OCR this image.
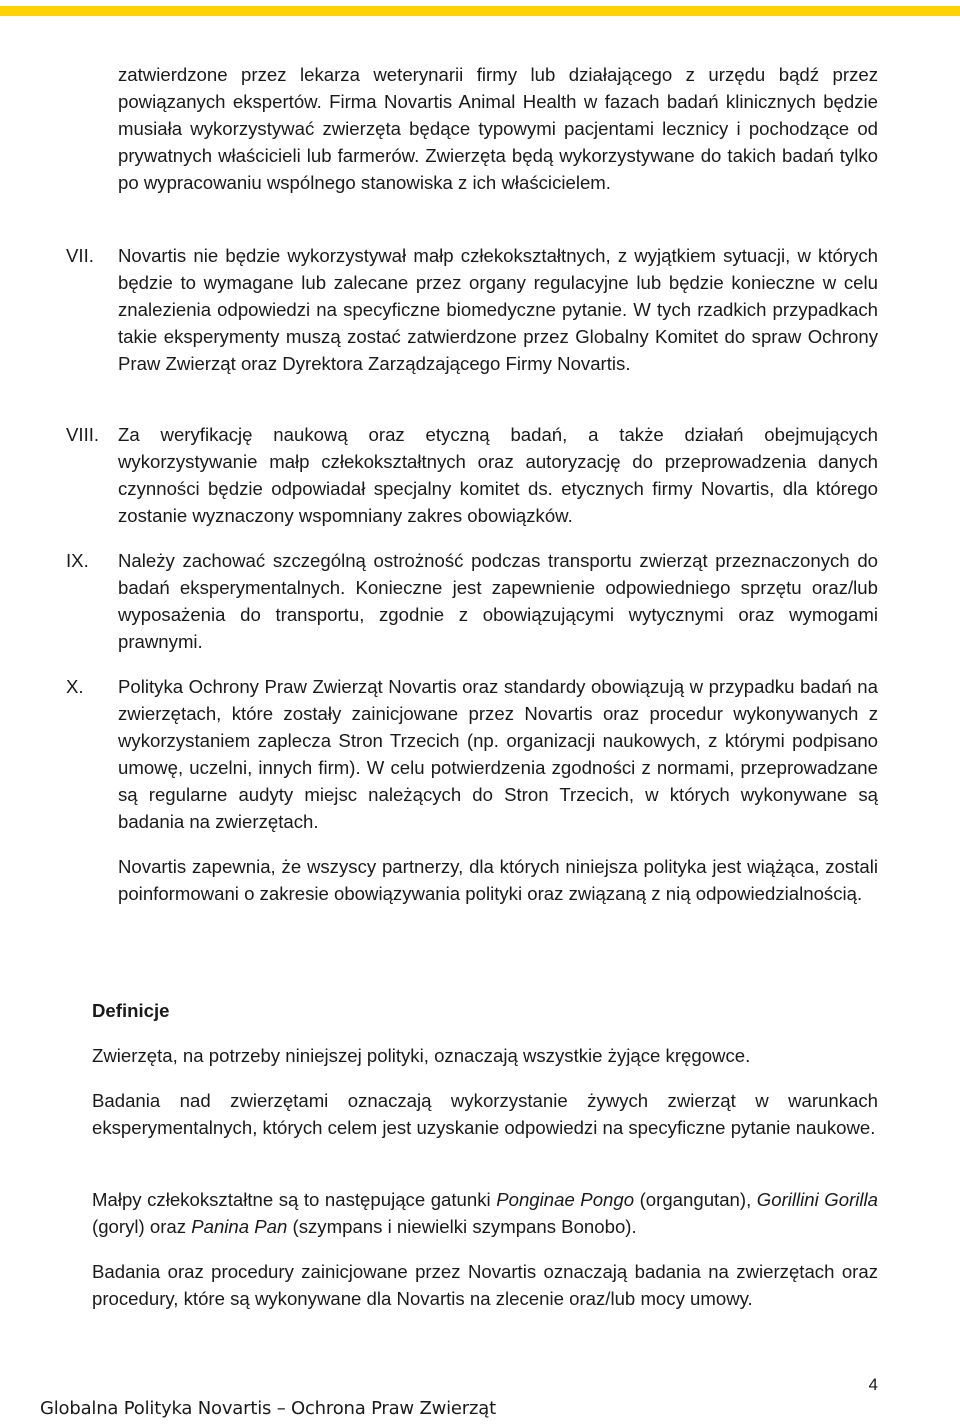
zatwierdzone przez lekarza weterynarii firmy lub działającego z urzędu bądź przez powiązanych ekspertów. Firma Novartis Animal Health w fazach badań klinicznych będzie musiała wykorzystywać zwierzęta będące typowymi pacjentami lecznicy i pochodzące od prywatnych właścicieli lub farmerów. Zwierzęta będą wykorzystywane do takich badań tylko po wypracowaniu wspólnego stanowiska z ich właścicielem.

VII. Novartis nie będzie wykorzystywał małp człekokształtnych, z wyjątkiem sytuacji, w których będzie to wymagane lub zalecane przez organy regulacyjne lub będzie konieczne w celu znalezienia odpowiedzi na specyficzne biomedyczne pytanie. W tych rzadkich przypadkach takie eksperymenty muszą zostać zatwierdzone przez Globalny Komitet do spraw Ochrony Praw Zwierząt oraz Dyrektora Zarządzającego Firmy Novartis.

VIII. Za weryfikację naukową oraz etyczną badań, a także działań obejmujących wykorzystywanie małp człekokształtnych oraz autoryzację do przeprowadzenia danych czynności będzie odpowiadał specjalny komitet ds. etycznych firmy Novartis, dla którego zostanie wyznaczony wspomniany zakres obowiązków.

IX. Należy zachować szczególną ostrożność podczas transportu zwierząt przeznaczonych do badań eksperymentalnych. Konieczne jest zapewnienie odpowiedniego sprzętu oraz/lub wyposażenia do transportu, zgodnie z obowiązującymi wytycznymi oraz wymogami prawnymi.

X. Polityka Ochrony Praw Zwierząt Novartis oraz standardy obowiązują w przypadku badań na zwierzętach, które zostały zainicjowane przez Novartis oraz procedur wykonywanych z wykorzystaniem zaplecza Stron Trzecich (np. organizacji naukowych, z którymi podpisano umowę, uczelni, innych firm). W celu potwierdzenia zgodności z normami, przeprowadzane są regularne audyty miejsc należących do Stron Trzecich, w których wykonywane są badania na zwierzętach.

Novartis zapewnia, że wszyscy partnerzy, dla których niniejsza polityka jest wiążąca, zostali poinformowani o zakresie obowiązywania polityki oraz związaną z nią odpowiedzialnością.

Definicje

Zwierzęta, na potrzeby niniejszej polityki, oznaczają wszystkie żyjące kręgowce.

Badania nad zwierzętami oznaczają wykorzystanie żywych zwierząt w warunkach eksperymentalnych, których celem jest uzyskanie odpowiedzi na specyficzne pytanie naukowe.

Małpy człekokształtne są to następujące gatunki Ponginae Pongo (organgutan), Gorillini Gorilla (goryl) oraz Panina Pan (szympans i niewielki szympans Bonobo).

Badania oraz procedury zainicjowane przez Novartis oznaczają badania na zwierzętach oraz procedury, które są wykonywane dla Novartis na zlecenie oraz/lub mocy umowy.

4
Globalna Polityka Novartis – Ochrona Praw Zwierząt
